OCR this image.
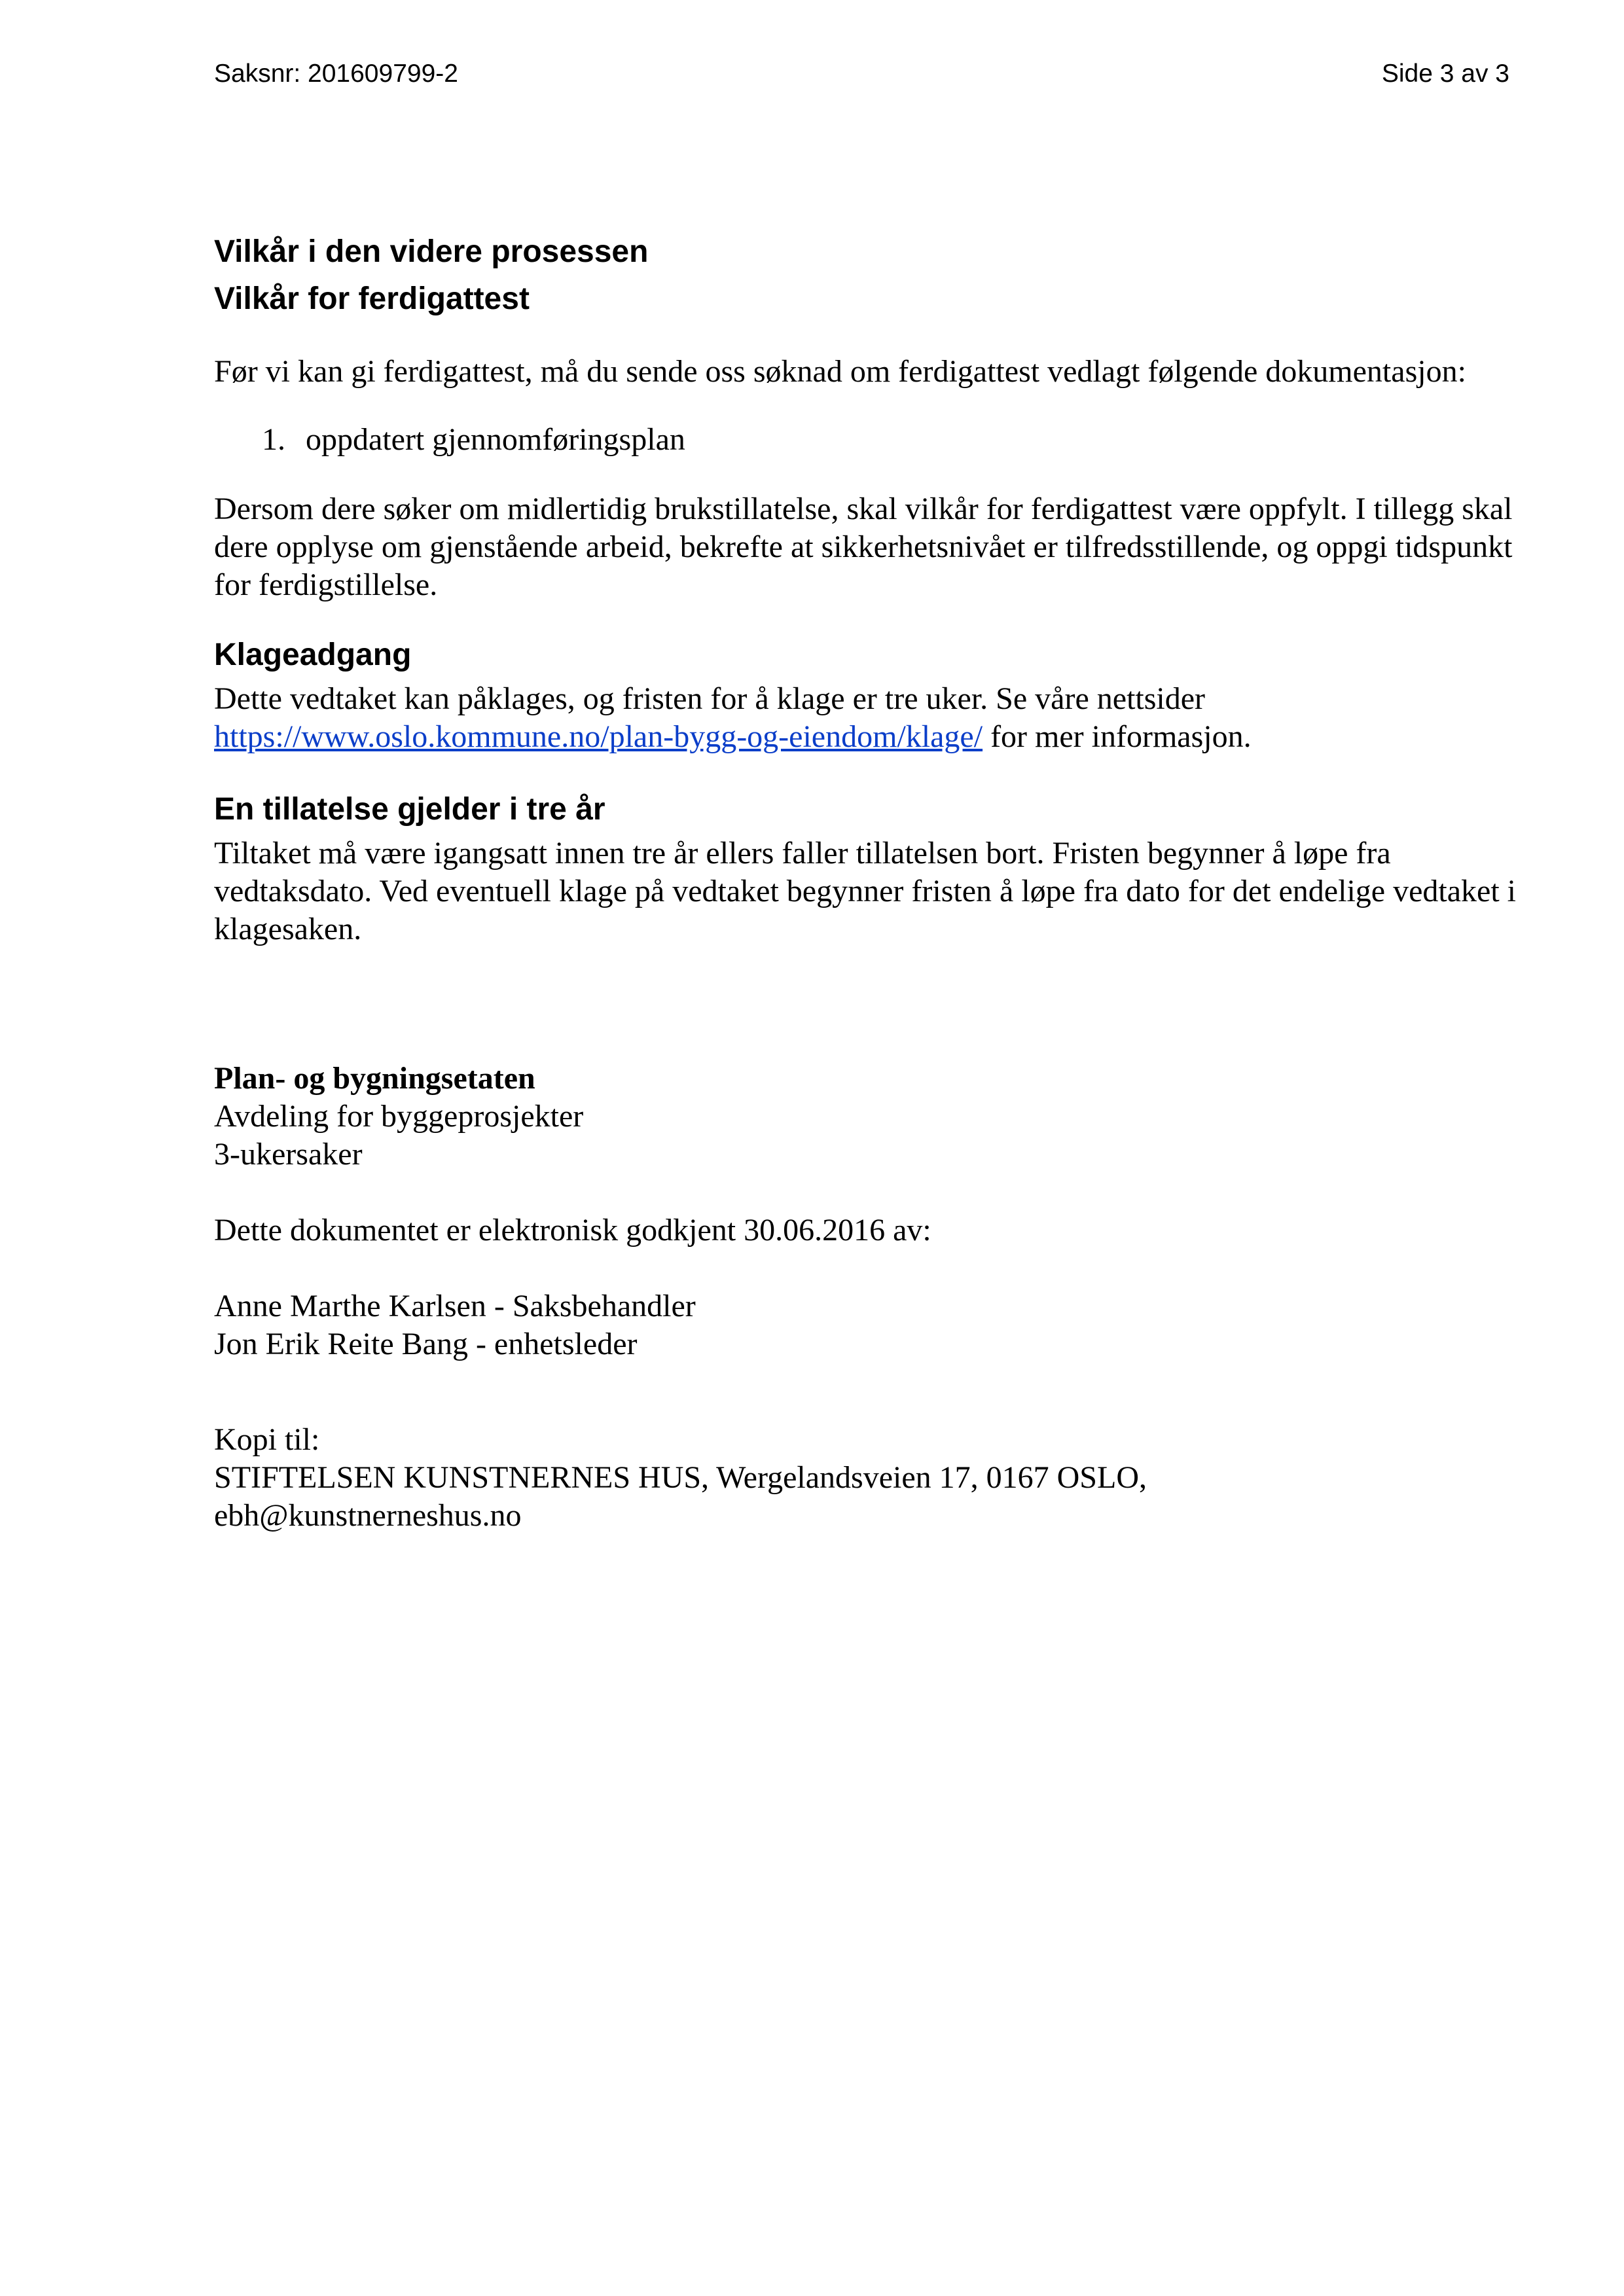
Saksnr: 201609799-2	Side 3 av 3
Vilkår i den videre prosessen
Vilkår for ferdigattest

Før vi kan gi ferdigattest, må du sende oss søknad om ferdigattest vedlagt følgende dokumentasjon:

1. oppdatert gjennomføringsplan

Dersom dere søker om midlertidig brukstillatelse, skal vilkår for ferdigattest være oppfylt. I tillegg skal dere opplyse om gjenstående arbeid, bekrefte at sikkerhetsnivået er tilfredsstillende, og oppgi tidspunkt for ferdigstillelse.

Klageadgang

Dette vedtaket kan påklages, og fristen for å klage er tre uker. Se våre nettsider https://www.oslo.kommune.no/plan-bygg-og-eiendom/klage/ for mer informasjon.

En tillatelse gjelder i tre år

Tiltaket må være igangsatt innen tre år ellers faller tillatelsen bort. Fristen begynner å løpe fra vedtaksdato. Ved eventuell klage på vedtaket begynner fristen å løpe fra dato for det endelige vedtaket i klagesaken.

Plan- og bygningsetaten

Avdeling for byggeprosjekter

3-ukersaker

Dette dokumentet er elektronisk godkjent 30.06.2016 av:

Anne Marthe Karlsen - Saksbehandler

Jon Erik Reite Bang - enhetsleder

Kopi til:

STIFTELSEN KUNSTNERNES HUS, Wergelandsveien 17, 0167 OSLO,

ebh@kunstnerneshus.no
